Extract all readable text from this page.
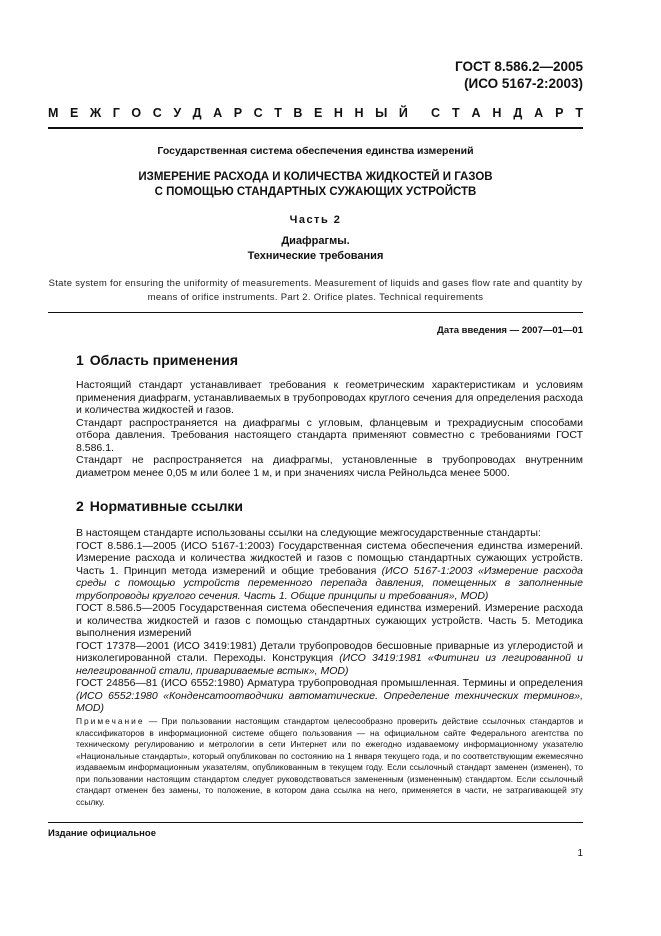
ГОСТ 8.586.2—2005
(ИСО 5167-2:2003)
М Е Ж Г О С У Д А Р С Т В Е Н Н Ы Й С Т А Н Д А Р Т
Государственная система обеспечения единства измерений
ИЗМЕРЕНИЕ РАСХОДА И КОЛИЧЕСТВА ЖИДКОСТЕЙ И ГАЗОВ
С ПОМОЩЬЮ СТАНДАРТНЫХ СУЖАЮЩИХ УСТРОЙСТВ
Часть 2
Диафрагмы.
Технические требования
State system for ensuring the uniformity of measurements. Measurement of liquids and gases flow rate and quantity by
means of orifice instruments. Part 2. Orifice plates. Technical requirements
Дата введения — 2007—01—01
1 Область применения

Настоящий стандарт устанавливает требования к геометрическим характеристикам и условиям применения диафрагм, устанавливаемых в трубопроводах круглого сечения для определения расхода и количества жидкостей и газов.

Стандарт распространяется на диафрагмы с угловым, фланцевым и трехрадиусным способами отбора давления. Требования настоящего стандарта применяют совместно с требованиями ГОСТ 8.586.1.

Стандарт не распространяется на диафрагмы, установленные в трубопроводах внутренним диаметром менее 0,05 м или более 1 м, и при значениях числа Рейнольдса менее 5000.

2 Нормативные ссылки

В настоящем стандарте использованы ссылки на следующие межгосударственные стандарты:

ГОСТ 8.586.1—2005 (ИСО 5167-1:2003) Государственная система обеспечения единства измерений. Измерение расхода и количества жидкостей и газов с помощью стандартных сужающих устройств. Часть 1. Принцип метода измерений и общие требования (ИСО 5167-1:2003 «Измерение расхода среды с помощью устройств переменного перепада давления, помещенных в заполненные трубопроводы круглого сечения. Часть 1. Общие принципы и требования», MOD)

ГОСТ 8.586.5—2005 Государственная система обеспечения единства измерений. Измерение расхода и количества жидкостей и газов с помощью стандартных сужающих устройств. Часть 5. Методика выполнения измерений

ГОСТ 17378—2001 (ИСО 3419:1981) Детали трубопроводов бесшовные приварные из углеродистой и низколегированной стали. Переходы. Конструкция (ИСО 3419:1981 «Фитинги из легированной и нелегированной стали, привариваемые встык», MOD)

ГОСТ 24856—81 (ИСО 6552:1980) Арматура трубопроводная промышленная. Термины и определения (ИСО 6552:1980 «Конденсатоотводчики автоматические. Определение технических терминов», MOD)

Примечание — При пользовании настоящим стандартом целесообразно проверить действие ссылочных стандартов и классификаторов в информационной системе общего пользования — на официальном сайте Федерального агентства по техническому регулированию и метрологии в сети Интернет или по ежегодно издаваемому информационному указателю «Национальные стандарты», который опубликован по состоянию на 1 января текущего года, и по соответствующим ежемесячно издаваемым информационным указателям, опубликованным в текущем году. Если ссылочный стандарт заменен (изменен), то при пользовании настоящим стандартом следует руководствоваться замененным (измененным) стандартом. Если ссылочный стандарт отменен без замены, то положение, в котором дана ссылка на него, применяется в части, не затрагивающей эту ссылку.
Издание официальное
1
